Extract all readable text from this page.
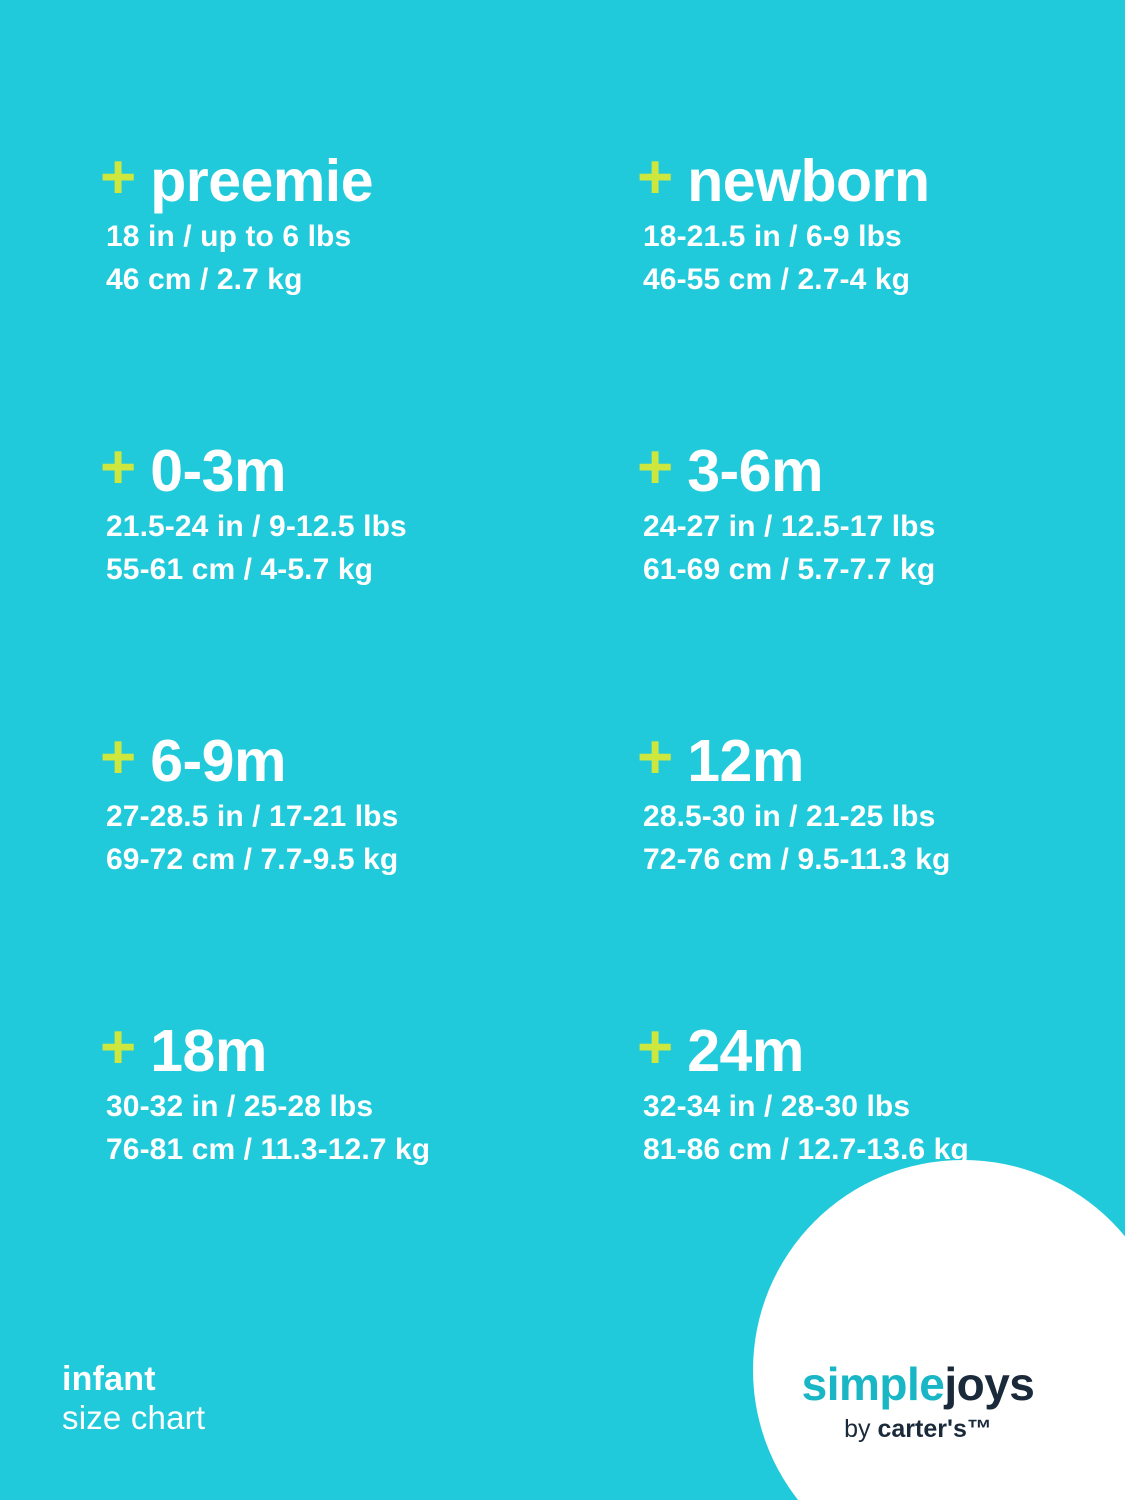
+ preemie
18 in / up to 6 lbs
46 cm / 2.7 kg
+ newborn
18-21.5 in / 6-9 lbs
46-55 cm / 2.7-4 kg
+ 0-3m
21.5-24 in / 9-12.5 lbs
55-61 cm / 4-5.7 kg
+ 3-6m
24-27 in / 12.5-17 lbs
61-69 cm / 5.7-7.7 kg
+ 6-9m
27-28.5 in / 17-21 lbs
69-72 cm / 7.7-9.5 kg
+ 12m
28.5-30 in / 21-25 lbs
72-76 cm / 9.5-11.3 kg
+ 18m
30-32 in / 25-28 lbs
76-81 cm / 11.3-12.7 kg
+ 24m
32-34 in / 28-30 lbs
81-86 cm / 12.7-13.6 kg
infant
size chart
simplejoys
by carter's™
